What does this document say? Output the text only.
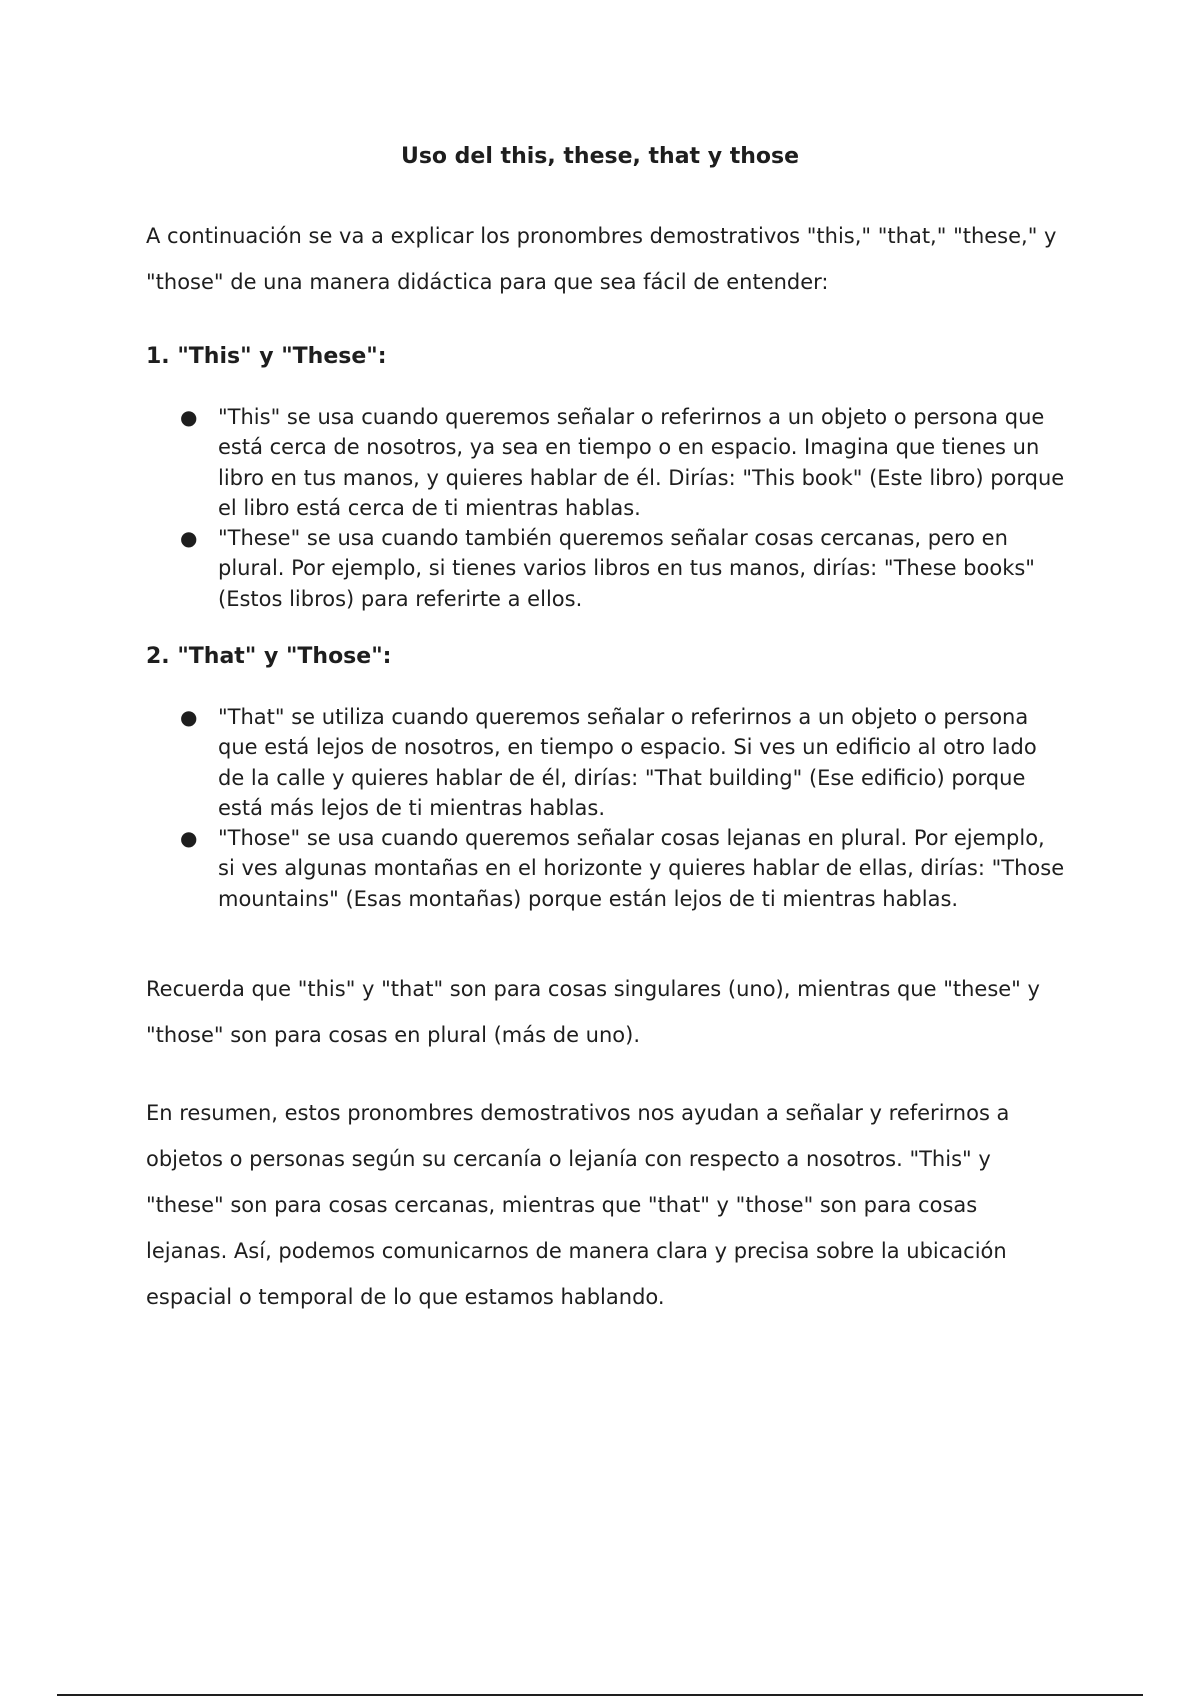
Uso del this, these, that y those

A continuación se va a explicar los pronombres demostrativos "this," "that," "these," y "those" de una manera didáctica para que sea fácil de entender:

1. "This" y "These":
● "This" se usa cuando queremos señalar o referirnos a un objeto o persona que está cerca de nosotros, ya sea en tiempo o en espacio. Imagina que tienes un libro en tus manos, y quieres hablar de él. Dirías: "This book" (Este libro) porque el libro está cerca de ti mientras hablas.
● "These" se usa cuando también queremos señalar cosas cercanas, pero en plural. Por ejemplo, si tienes varios libros en tus manos, dirías: "These books" (Estos libros) para referirte a ellos.
2. "That" y "Those":
● "That" se utiliza cuando queremos señalar o referirnos a un objeto o persona que está lejos de nosotros, en tiempo o espacio. Si ves un edificio al otro lado de la calle y quieres hablar de él, dirías: "That building" (Ese edificio) porque está más lejos de ti mientras hablas.
● "Those" se usa cuando queremos señalar cosas lejanas en plural. Por ejemplo, si ves algunas montañas en el horizonte y quieres hablar de ellas, dirías: "Those mountains" (Esas montañas) porque están lejos de ti mientras hablas.

Recuerda que "this" y "that" son para cosas singulares (uno), mientras que "these" y "those" son para cosas en plural (más de uno).

En resumen, estos pronombres demostrativos nos ayudan a señalar y referirnos a objetos o personas según su cercanía o lejanía con respecto a nosotros. "This" y "these" son para cosas cercanas, mientras que "that" y "those" son para cosas lejanas. Así, podemos comunicarnos de manera clara y precisa sobre la ubicación espacial o temporal de lo que estamos hablando.
